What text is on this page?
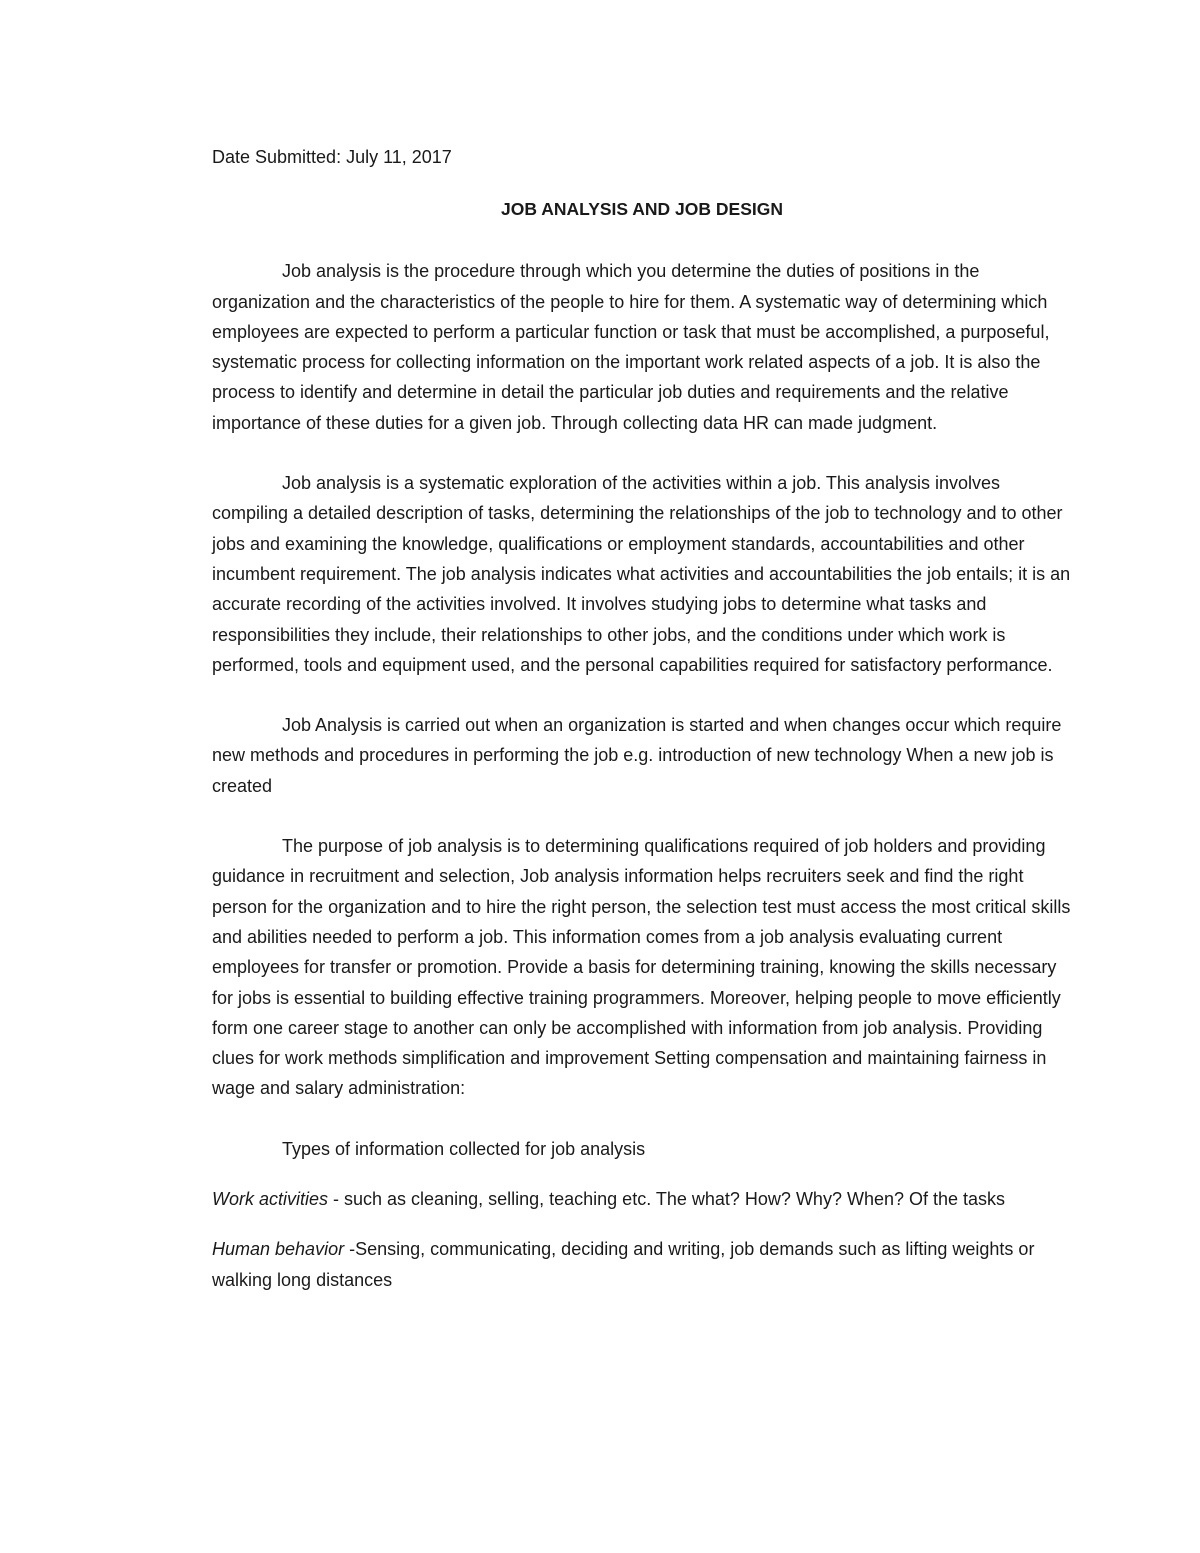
Date Submitted: July 11, 2017

JOB ANALYSIS AND JOB DESIGN

Job analysis is the procedure through which you determine the duties of positions in the organization and the characteristics of the people to hire for them. A systematic way of determining which employees are expected to perform a particular function or task that must be accomplished, a purposeful, systematic process for collecting information on the important work related aspects of a job. It is also the process to identify and determine in detail the particular job duties and requirements and the relative importance of these duties for a given job. Through collecting data HR can made judgment.

Job analysis is a systematic exploration of the activities within a job. This analysis involves compiling a detailed description of tasks, determining the relationships of the job to technology and to other jobs and examining the knowledge, qualifications or employment standards, accountabilities and other incumbent requirement. The job analysis indicates what activities and accountabilities the job entails; it is an accurate recording of the activities involved. It involves studying jobs to determine what tasks and responsibilities they include, their relationships to other jobs, and the conditions under which work is performed, tools and equipment used, and the personal capabilities required for satisfactory performance.

Job Analysis is carried out when an organization is started and when changes occur which require new methods and procedures in performing the job e.g. introduction of new technology When a new job is created

The purpose of job analysis is to determining qualifications required of job holders and providing guidance in recruitment and selection, Job analysis information helps recruiters seek and find the right person for the organization and to hire the right person, the selection test must access the most critical skills and abilities needed to perform a job. This information comes from a job analysis evaluating current employees for transfer or promotion. Provide a basis for determining training, knowing the skills necessary for jobs is essential to building effective training programmers. Moreover, helping people to move efficiently form one career stage to another can only be accomplished with information from job analysis. Providing clues for work methods simplification and improvement Setting compensation and maintaining fairness in wage and salary administration:

Types of information collected for job analysis

Work activities - such as cleaning, selling, teaching etc. The what? How? Why? When? Of the tasks

Human behavior -Sensing, communicating, deciding and writing, job demands such as lifting weights or walking long distances
